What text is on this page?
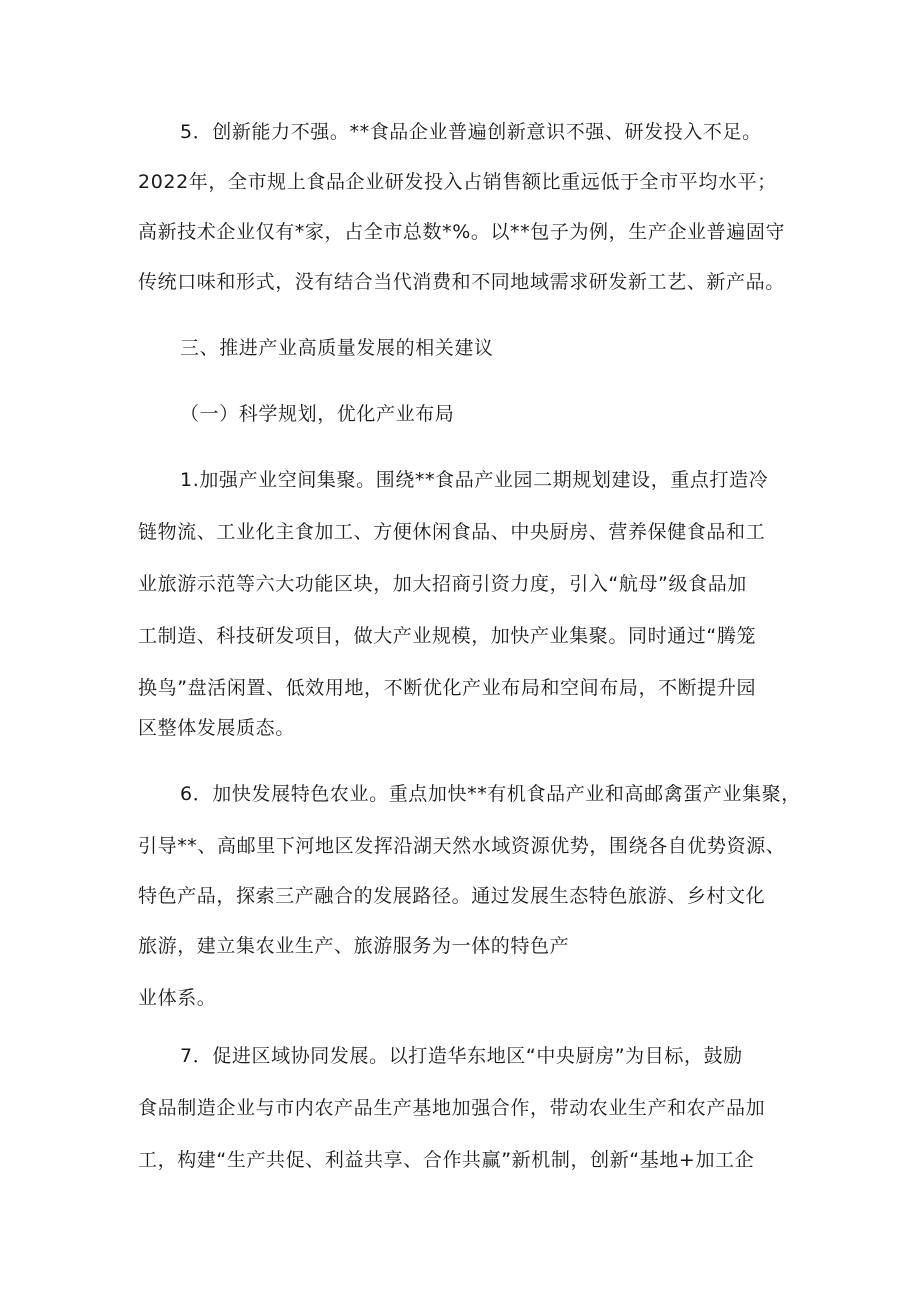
5．创新能力不强。**食品企业普遍创新意识不强、研发投入不足。
2022年，全市规上食品企业研发投入占销售额比重远低于全市平均水平；
高新技术企业仅有*家，占全市总数*%。以**包子为例，生产企业普遍固守
传统口味和形式，没有结合当代消费和不同地域需求研发新工艺、新产品。
三、推进产业高质量发展的相关建议
（一）科学规划，优化产业布局
1.加强产业空间集聚。围绕**食品产业园二期规划建设，重点打造冷
链物流、工业化主食加工、方便休闲食品、中央厨房、营养保健食品和工
业旅游示范等六大功能区块，加大招商引资力度，引入“航母”级食品加
工制造、科技研发项目，做大产业规模，加快产业集聚。同时通过“腾笼
换鸟”盘活闲置、低效用地，不断优化产业布局和空间布局，不断提升园
区整体发展质态。
6．加快发展特色农业。重点加快**有机食品产业和高邮禽蛋产业集聚，
引导**、高邮里下河地区发挥沿湖天然水域资源优势，围绕各自优势资源、
特色产品，探索三产融合的发展路径。通过发展生态特色旅游、乡村文化
旅游，建立集农业生产、旅游服务为一体的特色产
业体系。
7．促进区域协同发展。以打造华东地区“中央厨房”为目标，鼓励
食品制造企业与市内农产品生产基地加强合作，带动农业生产和农产品加
工，构建“生产共促、利益共享、合作共赢”新机制，创新“基地+加工企
